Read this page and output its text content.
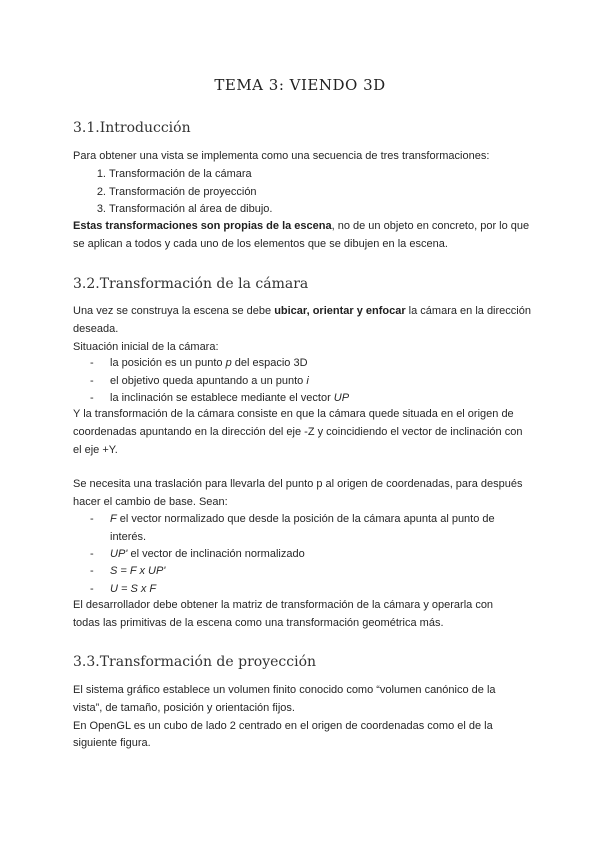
TEMA 3: VIENDO 3D
3.1.Introducción
Para obtener una vista se implementa como una secuencia de tres transformaciones:
1. Transformación de la cámara
2. Transformación de proyección
3. Transformación al área de dibujo.
Estas transformaciones son propias de la escena, no de un objeto en concreto, por lo que
se aplican a todos y cada uno de los elementos que se dibujen en la escena.
3.2.Transformación de la cámara
Una vez se construya la escena se debe ubicar, orientar y enfocar la cámara en la dirección
deseada.
Situación inicial de la cámara:
- la posición es un punto p del espacio 3D
- el objetivo queda apuntando a un punto i
- la inclinación se establece mediante el vector UP
Y la transformación de la cámara consiste en que la cámara quede situada en el origen de
coordenadas apuntando en la dirección del eje -Z y coincidiendo el vector de inclinación con
el eje +Y.
Se necesita una traslación para llevarla del punto p al origen de coordenadas, para después
hacer el cambio de base. Sean:
- F el vector normalizado que desde la posición de la cámara apunta al punto de
interés.
- UP' el vector de inclinación normalizado
- S = F x UP'
- U = S x F
El desarrollador debe obtener la matriz de transformación de la cámara y operarla con
todas las primitivas de la escena como una transformación geométrica más.
3.3.Transformación de proyección
El sistema gráfico establece un volumen finito conocido como “volumen canónico de la
vista”, de tamaño, posición y orientación fijos.
En OpenGL es un cubo de lado 2 centrado en el origen de coordenadas como el de la
siguiente figura.
